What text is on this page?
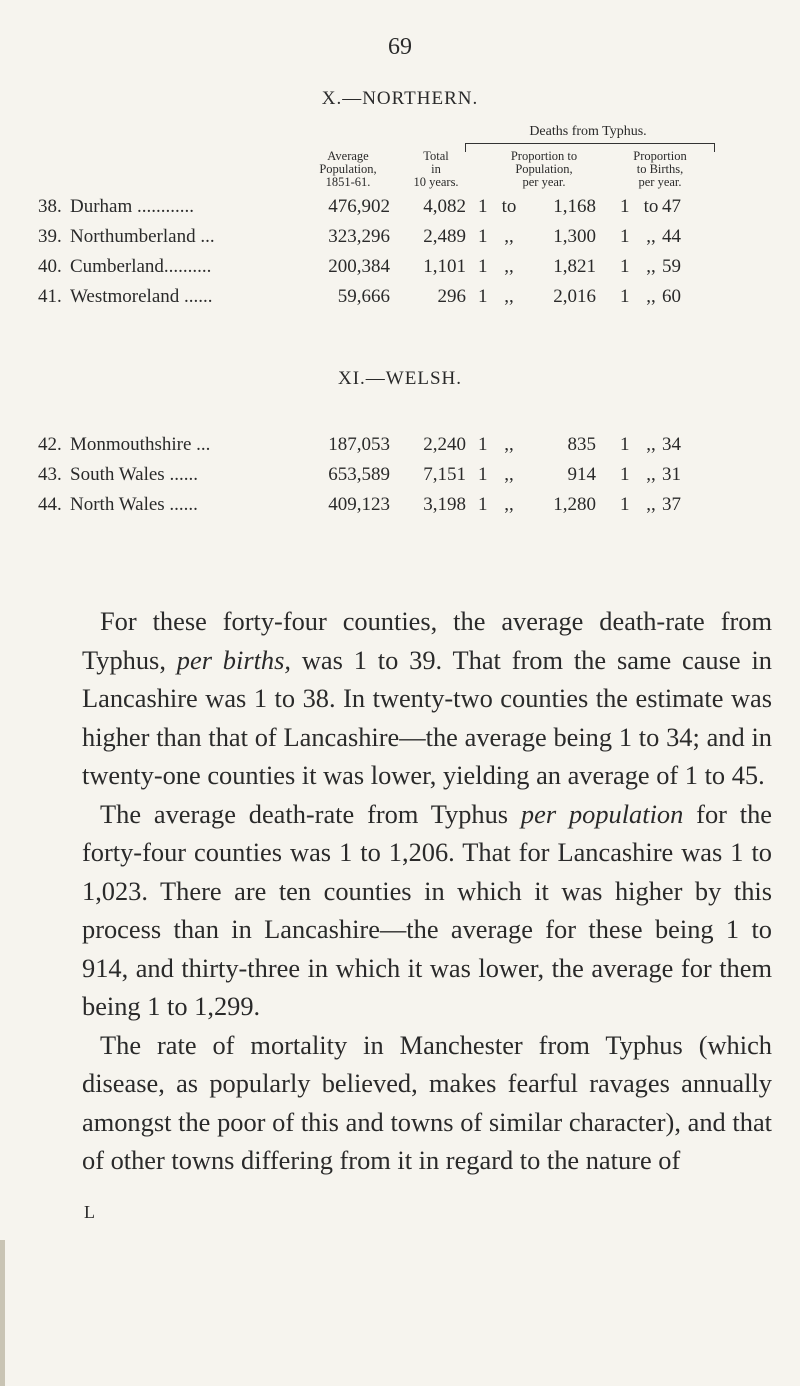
69
X.—NORTHERN.
Deaths from Typhus.
Average
Population,
1851-61.
Total
in
10 years.
Proportion to
Population,
per year.
Proportion
to Births,
per year.
38. Durham ............	476,902	4,082 1 to	1,168 1 to 47
39. Northumberland ...	323,296	2,489 1 ,,	1,300 1 ,, 44
40. Cumberland..........	200,384	1,101 1 ,,	1,821 1 ,, 59
41. Westmoreland ......	59,666	296 1 ,,	2,016 1 ,, 60
XI.—WELSH.
42. Monmouthshire ...	187,053	2,240 1 ,,	835 1 ,, 34
43. South Wales ......	653,589	7,151 1 ,,	914 1 ,, 31
44. North Wales ......	409,123	3,198 1 ,,	1,280 1 ,, 37

For these forty-four counties, the average death-rate from Typhus, per births, was 1 to 39. That from the same cause in Lancashire was 1 to 38. In twenty-two counties the estimate was higher than that of Lancashire—the average being 1 to 34; and in twenty-one counties it was lower, yielding an average of 1 to 45.

The average death-rate from Typhus per population for the forty-four counties was 1 to 1,206. That for Lancashire was 1 to 1,023. There are ten counties in which it was higher by this process than in Lancashire—the average for these being 1 to 914, and thirty-three in which it was lower, the average for them being 1 to 1,299.

The rate of mortality in Manchester from Typhus (which disease, as popularly believed, makes fearful ravages annually amongst the poor of this and towns of similar character), and that of other towns differing from it in regard to the nature of

L
